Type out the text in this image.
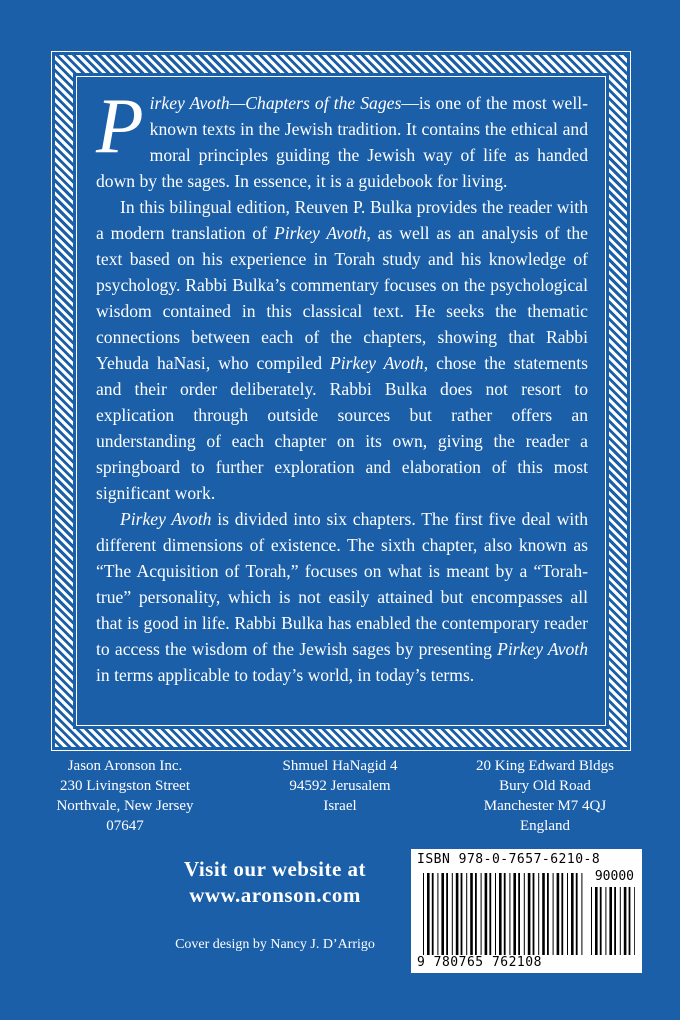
Pirkey Avoth—Chapters of the Sages—is one of the most well-known texts in the Jewish tradition. It contains the ethical and moral principles guiding the Jewish way of life as handed down by the sages. In essence, it is a guidebook for living.

In this bilingual edition, Reuven P. Bulka provides the reader with a modern translation of Pirkey Avoth, as well as an analysis of the text based on his experience in Torah study and his knowledge of psychology. Rabbi Bulka’s commentary focuses on the psychological wisdom contained in this classical text. He seeks the thematic connections between each of the chapters, showing that Rabbi Yehuda haNasi, who compiled Pirkey Avoth, chose the statements and their order deliberately. Rabbi Bulka does not resort to explication through outside sources but rather offers an understanding of each chapter on its own, giving the reader a springboard to further exploration and elaboration of this most significant work.

Pirkey Avoth is divided into six chapters. The first five deal with different dimensions of existence. The sixth chapter, also known as “The Acquisition of Torah,” focuses on what is meant by a “Torah-true” personality, which is not easily attained but encompasses all that is good in life. Rabbi Bulka has enabled the contemporary reader to access the wisdom of the Jewish sages by presenting Pirkey Avoth in terms applicable to today’s world, in today’s terms.

Jason Aronson Inc.
230 Livingston Street
Northvale, New Jersey
07647
Shmuel HaNagid 4
94592 Jerusalem
Israel
20 King Edward Bldgs
Bury Old Road
Manchester M7 4QJ
England
Visit our website at
www.aronson.com
Cover design by Nancy J. D’Arrigo
ISBN 978-0-7657-6210-8
90000
9 780765 762108
